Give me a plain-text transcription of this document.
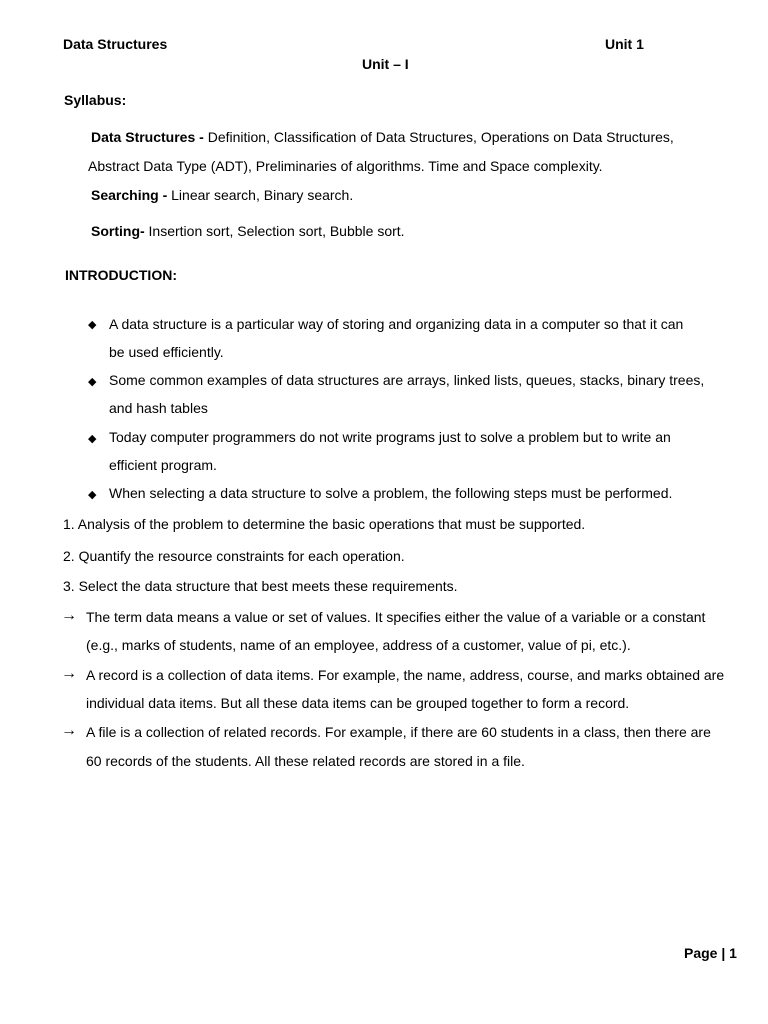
Data Structures	Unit 1
Unit – I
Syllabus:
Data Structures - Definition, Classification of Data Structures, Operations on Data Structures,
Abstract Data Type (ADT), Preliminaries of algorithms. Time and Space complexity.
Searching - Linear search, Binary search.
Sorting- Insertion sort, Selection sort, Bubble sort.
INTRODUCTION:
◆ A data structure is a particular way of storing and organizing data in a computer so that it can
be used efficiently.
◆ Some common examples of data structures are arrays, linked lists, queues, stacks, binary trees,
and hash tables
◆ Today computer programmers do not write programs just to solve a problem but to write an
efficient program.
◆ When selecting a data structure to solve a problem, the following steps must be performed.
1. Analysis of the problem to determine the basic operations that must be supported.
2. Quantify the resource constraints for each operation.
3. Select the data structure that best meets these requirements.
→ The term data means a value or set of values. It specifies either the value of a variable or a constant
(e.g., marks of students, name of an employee, address of a customer, value of pi, etc.).
→ A record is a collection of data items. For example, the name, address, course, and marks obtained are
individual data items. But all these data items can be grouped together to form a record.
→ A file is a collection of related records. For example, if there are 60 students in a class, then there are
60 records of the students. All these related records are stored in a file.
Page | 1
